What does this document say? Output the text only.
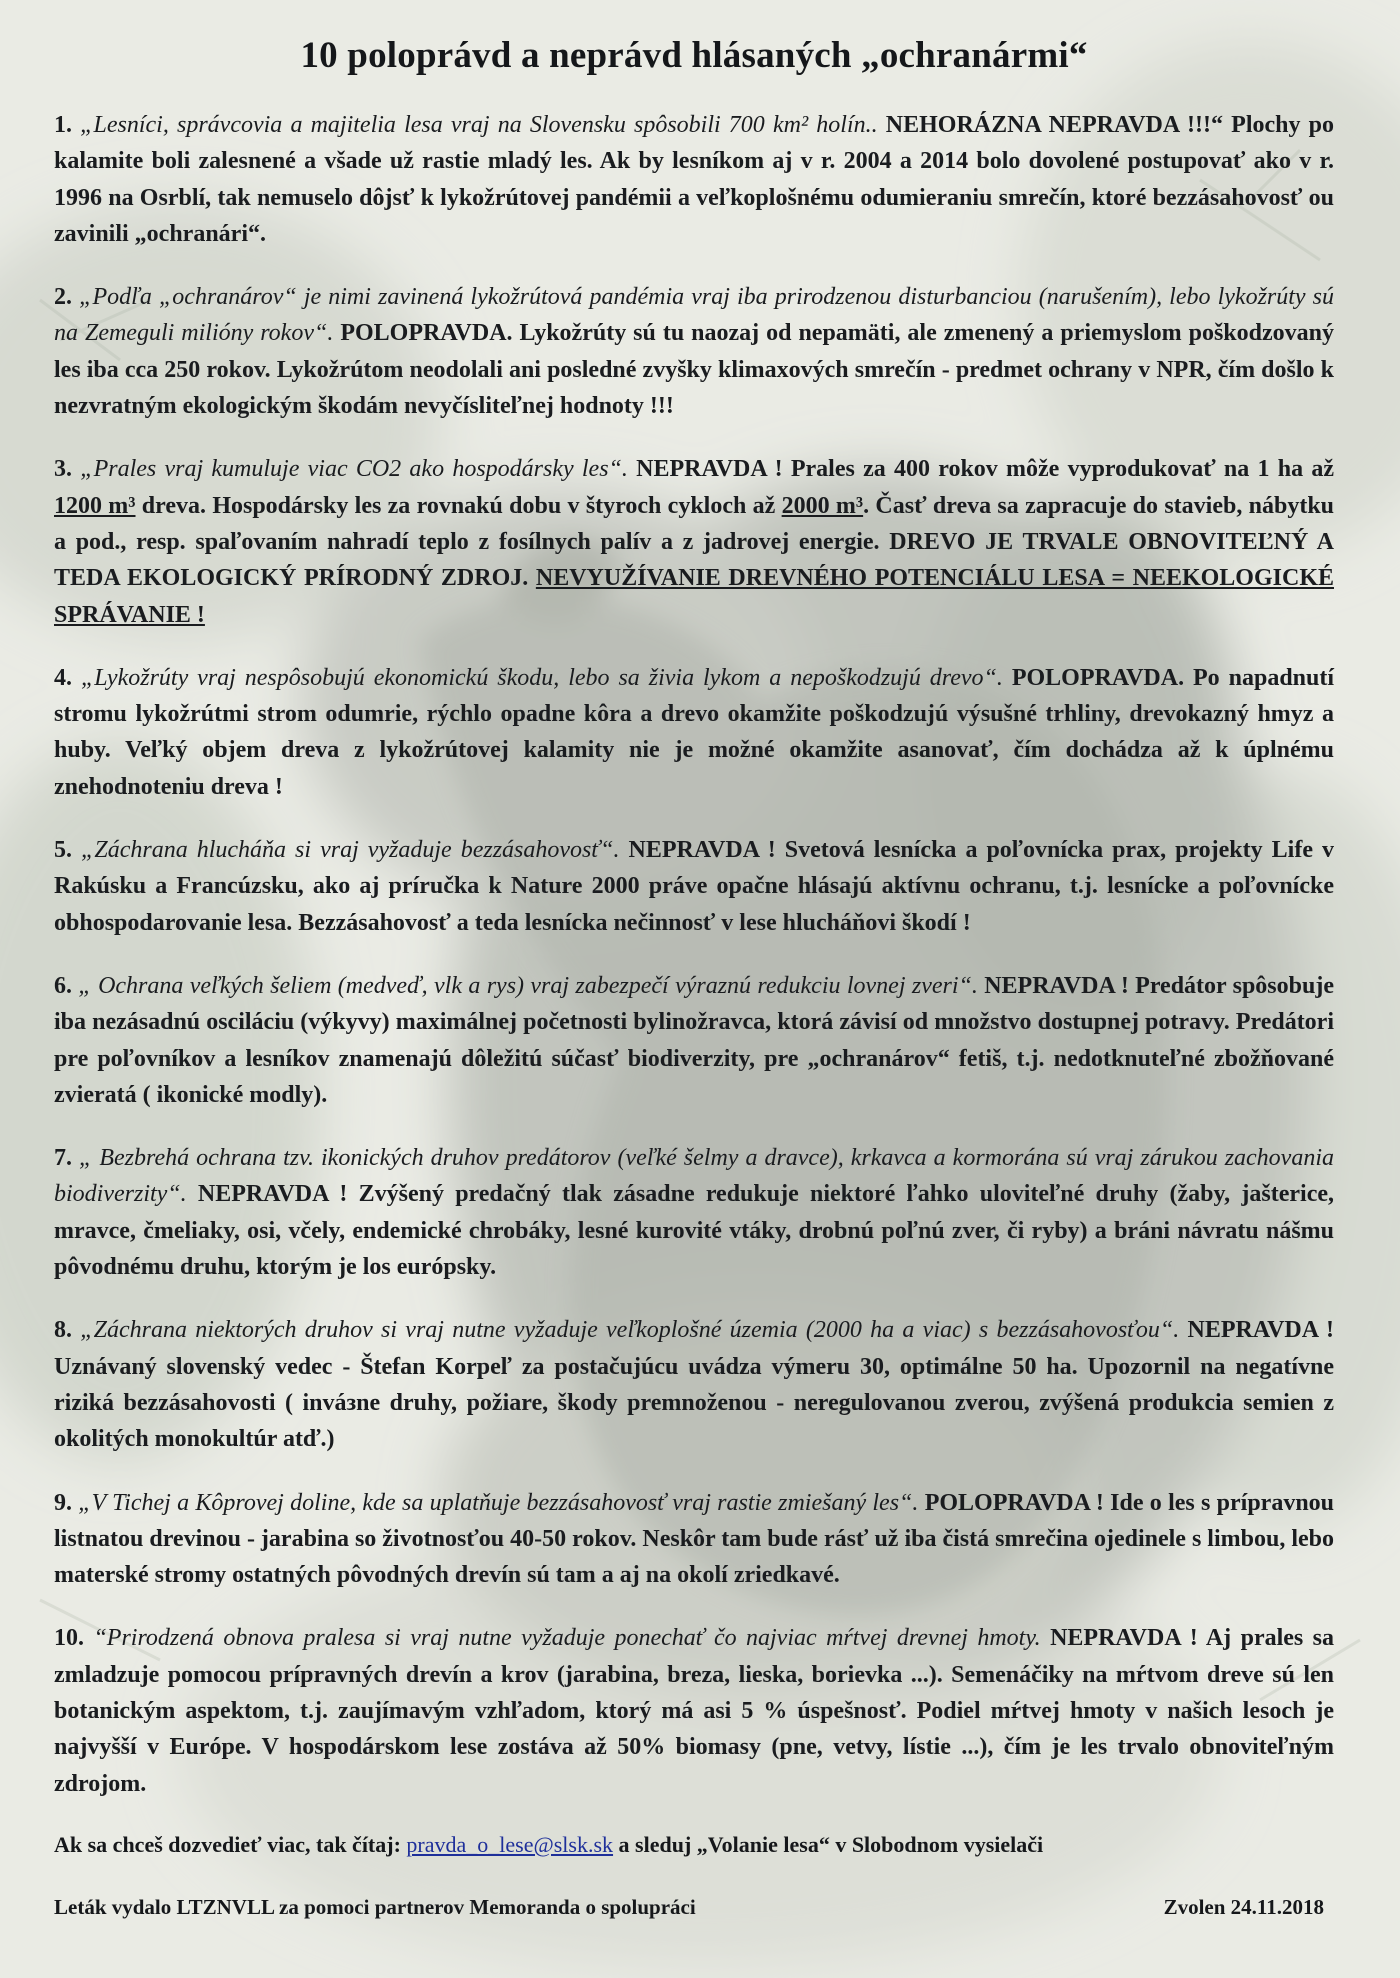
10 poloprávd a neprávd hlásaných „ochranármi“

1. „Lesníci, správcovia a majitelia lesa vraj na Slovensku spôsobili 700 km² holín.. NEHORÁZNA NEPRAVDA !!!“ Plochy po kalamite boli zalesnené a všade už rastie mladý les. Ak by lesníkom aj v r. 2004 a 2014 bolo dovolené postupovať ako v r. 1996 na Osrblí, tak nemuselo dôjsť k lykožrútovej pandémii a veľkoplošnému odumieraniu smrečín, ktoré bezzásahovosť ou zavinili „ochranári“.

2. „Podľa „ochranárov“ je nimi zavinená lykožrútová pandémia vraj iba prirodzenou disturbanciou (narušením), lebo lykožrúty sú na Zemeguli milióny rokov“. POLOPRAVDA. Lykožrúty sú tu naozaj od nepamäti, ale zmenený a priemyslom poškodzovaný les iba cca 250 rokov. Lykožrútom neodolali ani posledné zvyšky klimaxových smrečín - predmet ochrany v NPR, čím došlo k nezvratným ekologickým škodám nevyčísliteľnej hodnoty !!!

3. „Prales vraj kumuluje viac CO2 ako hospodársky les“. NEPRAVDA ! Prales za 400 rokov môže vyprodukovať na 1 ha až 1200 m³ dreva. Hospodársky les za rovnakú dobu v štyroch cykloch až 2000 m³. Časť dreva sa zapracuje do stavieb, nábytku a pod., resp. spaľovaním nahradí teplo z fosílnych palív a z jadrovej energie. DREVO JE TRVALE OBNOVITEĽNÝ A TEDA EKOLOGICKÝ PRÍRODNÝ ZDROJ. NEVYUŽÍVANIE DREVNÉHO POTENCIÁLU LESA = NEEKOLOGICKÉ SPRÁVANIE !

4. „Lykožrúty vraj nespôsobujú ekonomickú škodu, lebo sa živia lykom a nepoškodzujú drevo“. POLOPRAVDA. Po napadnutí stromu lykožrútmi strom odumrie, rýchlo opadne kôra a drevo okamžite poškodzujú výsušné trhliny, drevokazný hmyz a huby. Veľký objem dreva z lykožrútovej kalamity nie je možné okamžite asanovať, čím dochádza až k úplnému znehodnoteniu dreva !

5. „Záchrana hlucháňa si vraj vyžaduje bezzásahovosť“. NEPRAVDA ! Svetová lesnícka a poľovnícka prax, projekty Life v Rakúsku a Francúzsku, ako aj príručka k Nature 2000 práve opačne hlásajú aktívnu ochranu, t.j. lesnícke a poľovnícke obhospodarovanie lesa. Bezzásahovosť a teda lesnícka nečinnosť v lese hlucháňovi škodí !

6. „ Ochrana veľkých šeliem (medveď, vlk a rys) vraj zabezpečí výraznú redukciu lovnej zveri“. NEPRAVDA ! Predátor spôsobuje iba nezásadnú osciláciu (výkyvy) maximálnej početnosti bylinožravca, ktorá závisí od množstvo dostupnej potravy. Predátori pre poľovníkov a lesníkov znamenajú dôležitú súčasť biodiverzity, pre „ochranárov“ fetiš, t.j. nedotknuteľné zbožňované zvieratá ( ikonické modly).

7. „ Bezbrehá ochrana tzv. ikonických druhov predátorov (veľké šelmy a dravce), krkavca a kormorána sú vraj zárukou zachovania biodiverzity“. NEPRAVDA ! Zvýšený predačný tlak zásadne redukuje niektoré ľahko uloviteľné druhy (žaby, jašterice, mravce, čmeliaky, osi, včely, endemické chrobáky, lesné kurovité vtáky, drobnú poľnú zver, či ryby) a bráni návratu nášmu pôvodnému druhu, ktorým je los európsky.

8. „Záchrana niektorých druhov si vraj nutne vyžaduje veľkoplošné územia (2000 ha a viac) s bezzásahovosťou“. NEPRAVDA ! Uznávaný slovenský vedec - Štefan Korpeľ za postačujúcu uvádza výmeru 30, optimálne 50 ha. Upozornil na negatívne riziká bezzásahovosti ( inváзne druhy, požiare, škody premnoženou - neregulovanou zverou, zvýšená produkcia semien z okolitých monokultúr atď.)

9. „V Tichej a Kôprovej doline, kde sa uplatňuje bezzásahovosť vraj rastie zmiešaný les“. POLOPRAVDA ! Ide o les s prípravnou listnatou drevinou - jarabina so životnosťou 40-50 rokov. Neskôr tam bude rásť už iba čistá smrečina ojedinele s limbou, lebo materské stromy ostatných pôvodných drevín sú tam a aj na okolí zriedkavé.

10. “Prirodzená obnova pralesa si vraj nutne vyžaduje ponechať čo najviac mŕtvej drevnej hmoty. NEPRAVDA ! Aj prales sa zmladzuje pomocou prípravných drevín a krov (jarabina, breza, lieska, borievka ...). Semenáčiky na mŕtvom dreve sú len botanickým aspektom, t.j. zaujímavým vzhľadom, ktorý má asi 5 % úspešnosť. Podiel mŕtvej hmoty v našich lesoch je najvyšší v Európe. V hospodárskom lese zostáva až 50% biomasy (pne, vetvy, lístie ...), čím je les trvalo obnoviteľným zdrojom.

Ak sa chceš dozvedieť viac, tak čítaj: pravda_o_lese@slsk.sk a sleduj „Volanie lesa“ v Slobodnom vysielači

Leták vydalo LTZNVLL za pomoci partnerov Memoranda o spolupráci	Zvolen 24.11.2018
